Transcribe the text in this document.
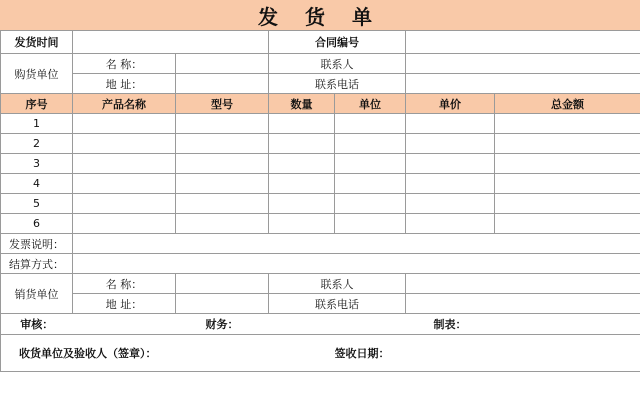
发 货 单
发货时间			合同编号			
购货单位	名 称：		联系人			
	地 址：		联系电话			
序号	产品名称	型号	数量	单位	单价	总金额
1						
2						
3						
4						
5						
6						
发票说明：						
结算方式：						
销货单位	名 称：		联系人			
	地 址：		联系电话			
审核：		财务：			制表：	
收货单位及验收人（签章）：				签收日期：		
